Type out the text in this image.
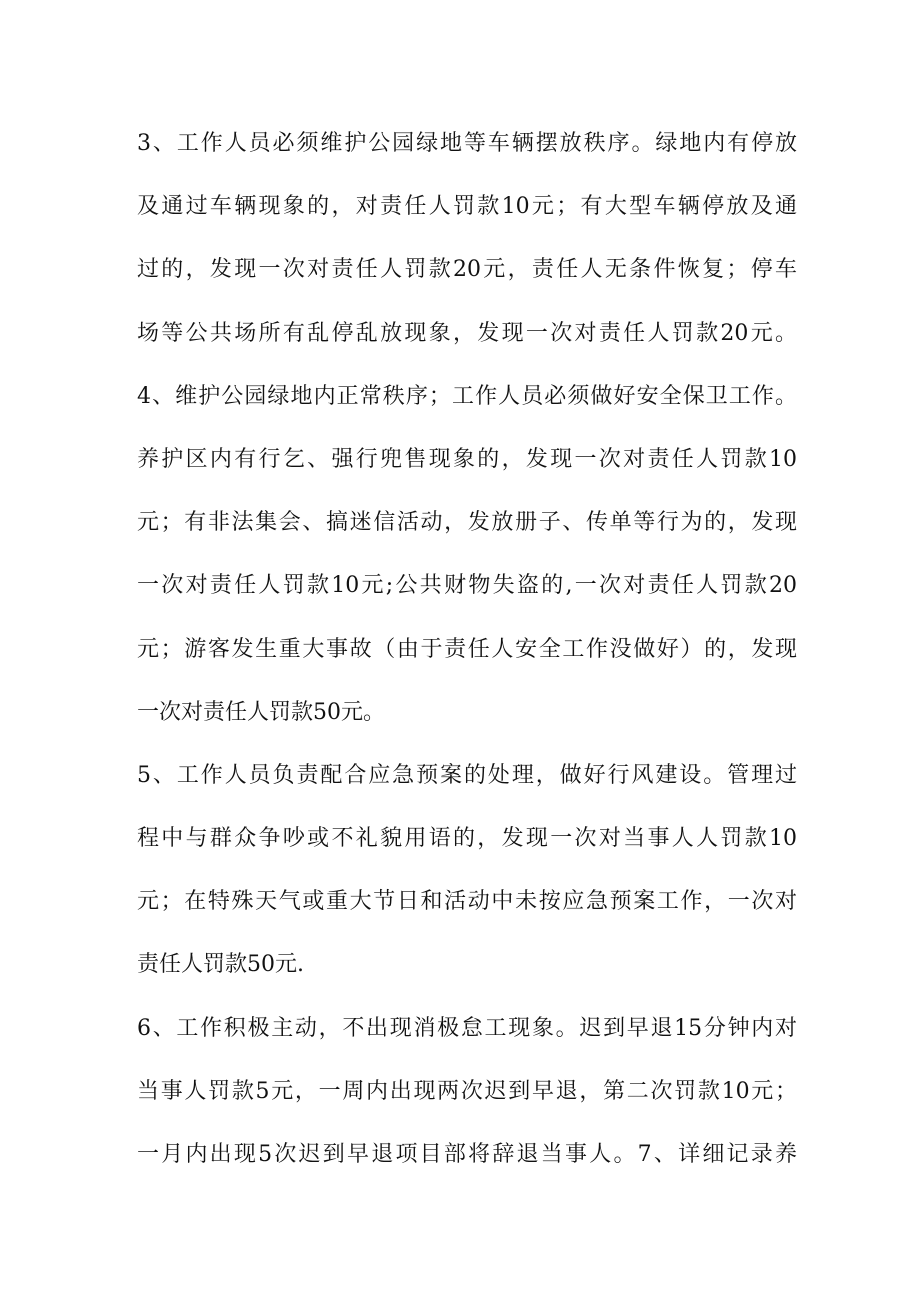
3、工作人员必须维护公园绿地等车辆摆放秩序。绿地内有停放
及通过车辆现象的，对责任人罚款10元；有大型车辆停放及通
过的，发现一次对责任人罚款20元，责任人无条件恢复；停车
场等公共场所有乱停乱放现象，发现一次对责任人罚款20元。
4、维护公园绿地内正常秩序；工作人员必须做好安全保卫工作。
养护区内有行乞、强行兜售现象的，发现一次对责任人罚款10
元；有非法集会、搞迷信活动，发放册子、传单等行为的，发现
一次对责任人罚款10元;公共财物失盗的,一次对责任人罚款20
元；游客发生重大事故（由于责任人安全工作没做好）的，发现
一次对责任人罚款50元。
5、工作人员负责配合应急预案的处理，做好行风建设。管理过
程中与群众争吵或不礼貌用语的，发现一次对当事人人罚款10
元；在特殊天气或重大节日和活动中未按应急预案工作，一次对
责任人罚款50元.
6、工作积极主动，不出现消极怠工现象。迟到早退15分钟内对
当事人罚款5元，一周内出现两次迟到早退，第二次罚款10元；
一月内出现5次迟到早退项目部将辞退当事人。7、详细记录养
